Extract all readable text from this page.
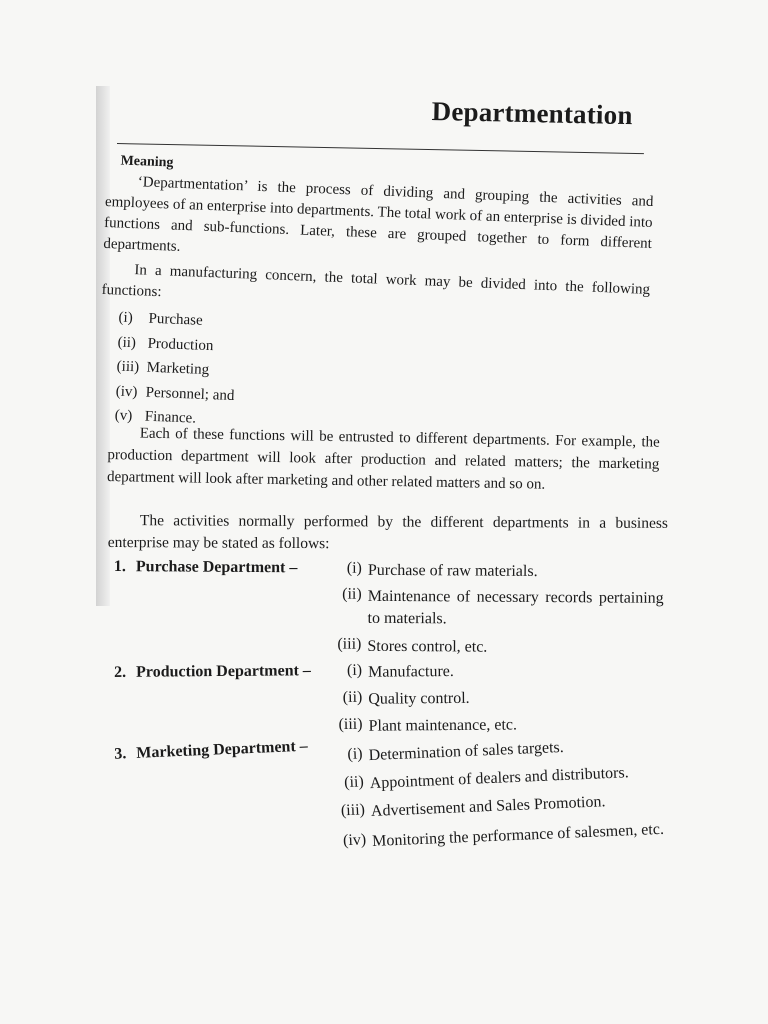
Departmentation
Meaning

‘Departmentation’ is the process of dividing and grouping the activities and employees of an enterprise into departments. The total work of an enterprise is divided into functions and sub-functions. Later, these are grouped together to form different departments.

In a manufacturing concern, the total work may be divided into the following functions:

(i) Purchase
(ii) Production
(iii) Marketing
(iv) Personnel; and
(v) Finance.

Each of these functions will be entrusted to different departments. For example, the production department will look after production and related matters; the marketing department will look after marketing and other related matters and so on.

The activities normally performed by the different departments in a business enterprise may be stated as follows:

1. Purchase Department –	(i) Purchase of raw materials.
(ii) Maintenance of necessary records pertaining to materials.
(iii) Stores control, etc.
2. Production Department –	(i) Manufacture.
(ii) Quality control.
(iii) Plant maintenance, etc.
3. Marketing Department –	(i) Determination of sales targets.
(ii) Appointment of dealers and distributors.
(iii) Advertisement and Sales Promotion.
(iv) Monitoring the performance of salesmen, etc.
